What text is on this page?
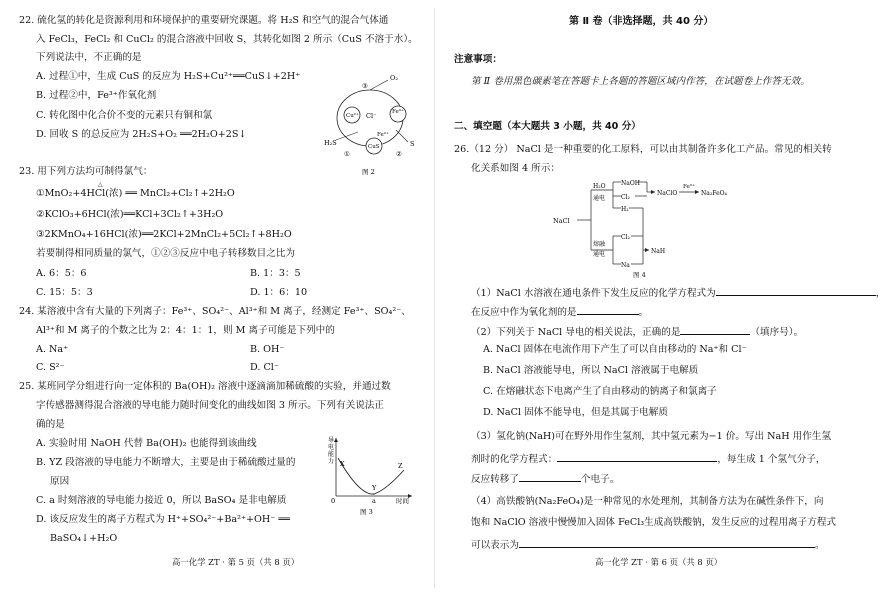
22. 硫化氢的转化是资源利用和环境保护的重要研究课题。将 H₂S 和空气的混合气体通
入 FeCl₃，FeCl₂ 和 CuCl₂ 的混合溶液中回收 S，其转化如图 2 所示（CuS 不溶于水）。
下列说法中，不正确的是
A. 过程①中，生成 CuS 的反应为 H₂S+Cu²⁺══CuS↓+2H⁺
B. 过程②中，Fe³⁺作氧化剂
C. 转化图中化合价不变的元素只有铜和氯
D. 回收 S 的总反应为 2H₂S+O₂ ══2H₂O+2S↓
O₂
③
Cu²⁺
Fe³⁺
Cl⁻
Fe²⁺
CuS
H₂S
①	②
S
图 2
23. 用下列方法均可制得氯气：
△
①MnO₂+4HCl(浓) ══ MnCl₂+Cl₂↑+2H₂O
②KClO₃+6HCl(浓)══KCl+3Cl₂↑+3H₂O
③2KMnO₄+16HCl(浓)══2KCl+2MnCl₂+5Cl₂↑+8H₂O
若要制得相同质量的氯气，①②③反应中电子转移数目之比为
A. 6：5：6	B. 1：3：5
C. 15：5：3	D. 1：6：10
24. 某溶液中含有大量的下列离子：Fe³⁺、SO₄²⁻、Al³⁺和 M 离子，经测定 Fe³⁺、SO₄²⁻、
Al³⁺和 M 离子的个数之比为 2：4：1：1，则 M 离子可能是下列中的
A. Na⁺	B. OH⁻
C. S²⁻	D. Cl⁻
25. 某班同学分组进行向一定体积的 Ba(OH)₂ 溶液中逐滴滴加稀硫酸的实验，并通过数
字传感器测得混合溶液的导电能力随时间变化的曲线如图 3 所示。下列有关说法正
确的是
A. 实验时用 NaOH 代替 Ba(OH)₂ 也能得到该曲线
B. YZ 段溶液的导电能力不断增大，主要是由于稀硫酸过量的
原因
C. a 时刻溶液的导电能力接近 0，所以 BaSO₄ 是非电解质
D. 该反应发生的离子方程式为 H⁺+SO₄²⁻+Ba²⁺+OH⁻ ══
BaSO₄↓+H₂O
导
电
能
力 X
Y
Z
0	a	时间
图 3
高一化学 ZT · 第 5 页（共 8 页）
第 Ⅱ 卷（非选择题，共 40 分）
注意事项：
第 Ⅱ 卷用黑色碳素笔在答题卡上各题的答题区域内作答，在试题卷上作答无效。
二、填空题（本大题共 3 小题，共 40 分）
26.（12 分） NaCl 是一种重要的化工原料，可以由其制备许多化工产品。常见的相关转
化关系如图 4 所示：
NaCl
H₂O
通电
NaOH
Cl₂
H₂
NaClO
Fe³⁺
Na₂FeO₄
熔融
通电
Cl₂
Na
NaH
图 4
（1）NaCl 水溶液在通电条件下发生反应的化学方程式为	，
在反应中作为氧化剂的是	。
（2）下列关于 NaCl 导电的相关说法，正确的是	（填序号）。
A. NaCl 固体在电流作用下产生了可以自由移动的 Na⁺和 Cl⁻
B. NaCl 溶液能导电，所以 NaCl 溶液属于电解质
C. 在熔融状态下电离产生了自由移动的钠离子和氯离子
D. NaCl 固体不能导电，但是其属于电解质
（3）氢化钠(NaH)可在野外用作生氢剂，其中氢元素为−1 价。写出 NaH 用作生氢
剂时的化学方程式：	，每生成 1 个氢气分子，
反应转移了	个电子。
（4）高铁酸钠(Na₂FeO₄)是一种常见的水处理剂，其制备方法为在碱性条件下，向
饱和 NaClO 溶液中慢慢加入固体 FeCl₃生成高铁酸钠，发生反应的过程用离子方程式
可以表示为	。
高一化学 ZT · 第 6 页（共 8 页）
